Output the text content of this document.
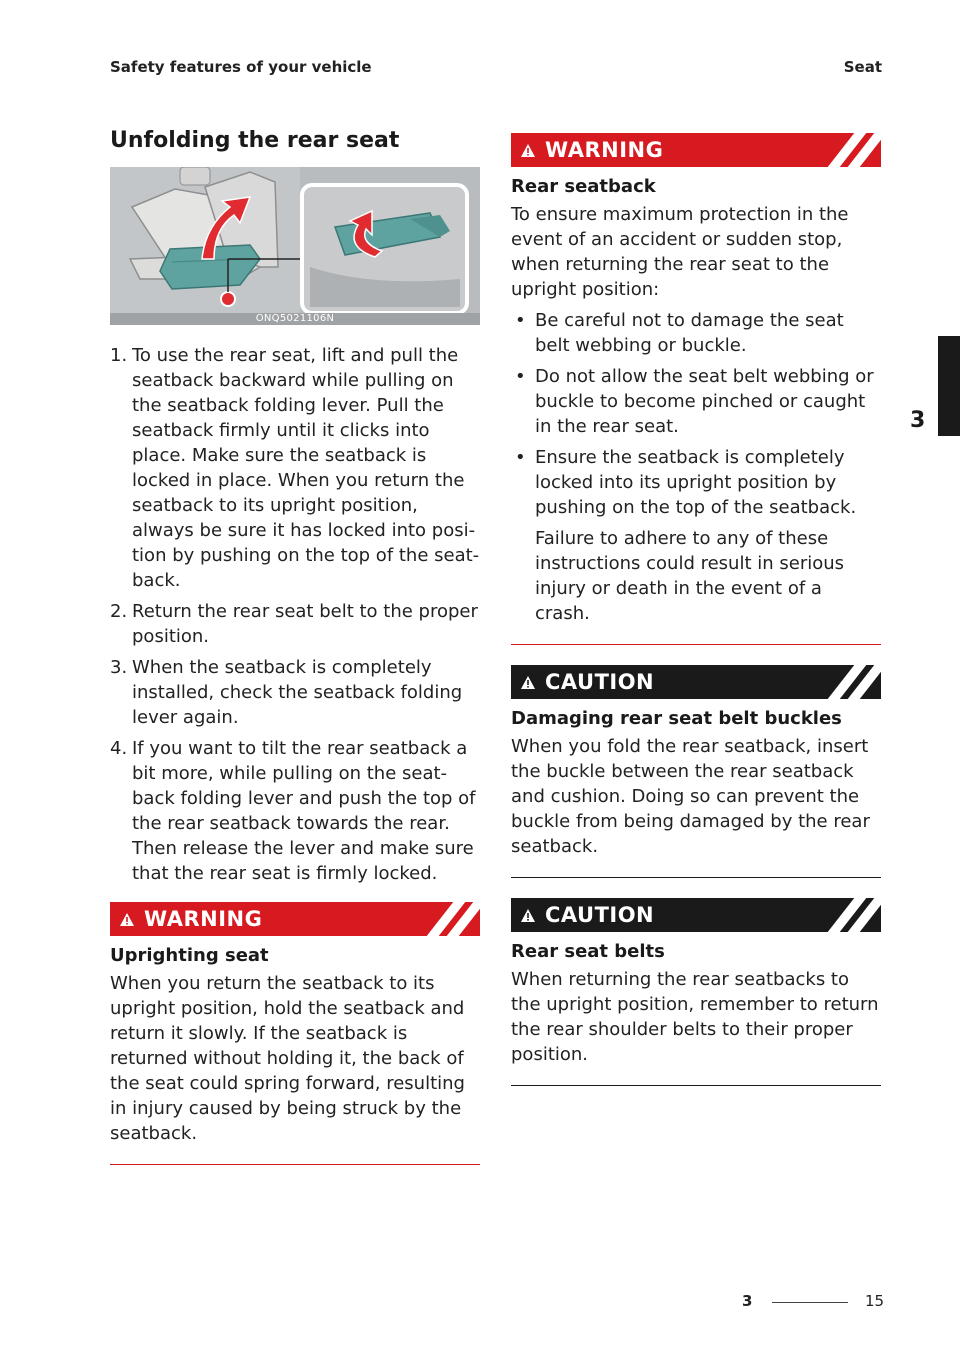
Safety features of your vehicle	Seat
3
Unfolding the rear seat
ONQ5021106N
1. To use the rear seat, lift and pull the seatback backward while pulling on the seatback folding lever. Pull the seatback firmly until it clicks into place. Make sure the seatback is locked in place. When you return the seatback to its upright position, always be sure it has locked into posi- tion by pushing on the top of the seat- back.
2. Return the rear seat belt to the proper position.
3. When the seatback is completely installed, check the seatback folding lever again.
4. If you want to tilt the rear seatback a bit more, while pulling on the seat- back folding lever and push the top of the rear seatback towards the rear. Then release the lever and make sure that the rear seat is firmly locked.
WARNING
Uprighting seat

When you return the seatback to its upright position, hold the seatback and return it slowly. If the seatback is returned without holding it, the back of the seat could spring forward, resulting in injury caused by being struck by the seatback.

WARNING
Rear seatback

To ensure maximum protection in the event of an accident or sudden stop, when returning the rear seat to the upright position:

• Be careful not to damage the seat belt webbing or buckle.
• Do not allow the seat belt webbing or buckle to become pinched or caught in the rear seat.
• Ensure the seatback is completely locked into its upright position by pushing on the top of the seatback.

Failure to adhere to any of these instructions could result in serious injury or death in the event of a crash.

CAUTION
Damaging rear seat belt buckles

When you fold the rear seatback, insert the buckle between the rear seatback and cushion. Doing so can prevent the buckle from being damaged by the rear seatback.

CAUTION
Rear seat belts

When returning the rear seatbacks to the upright position, remember to return the rear shoulder belts to their proper position.

3	15
